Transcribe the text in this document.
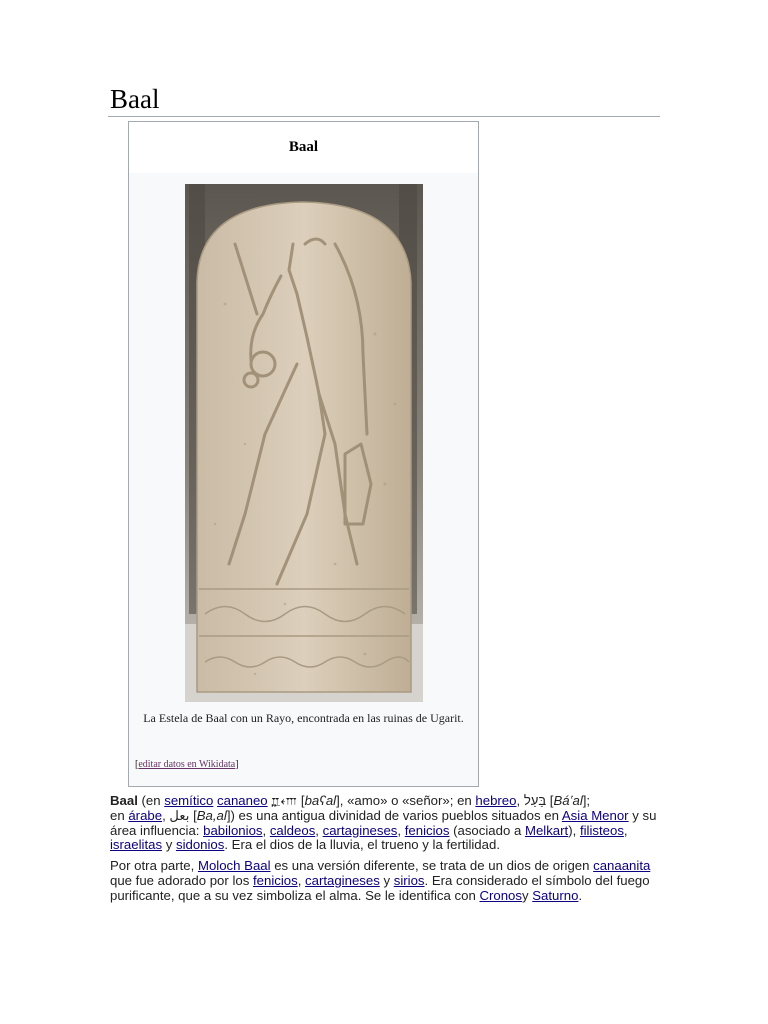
Baal
Baal
La Estela de Baal con un Rayo, encontrada en las ruinas de Ugarit.
[editar datos en Wikidata]

Baal (en semítico cananeo 𐎁𐎓𐎍 [baʕal], «amo» o «señor»; en hebreo, בַּעַל [Báʽal];
en árabe, بعل [Ba,al]) es una antigua divinidad de varios pueblos situados en Asia Menor y su área influencia: babilonios, caldeos, cartagineses, fenicios (asociado a Melkart), filisteos, israelitas y sidonios. Era el dios de la lluvia, el trueno y la fertilidad.

Por otra parte, Moloch Baal es una versión diferente, se trata de un dios de origen canaanita que fue adorado por los fenicios, cartagineses y sirios. Era considerado el símbolo del fuego purificante, que a su vez simboliza el alma. Se le identifica con Cronosy Saturno.
